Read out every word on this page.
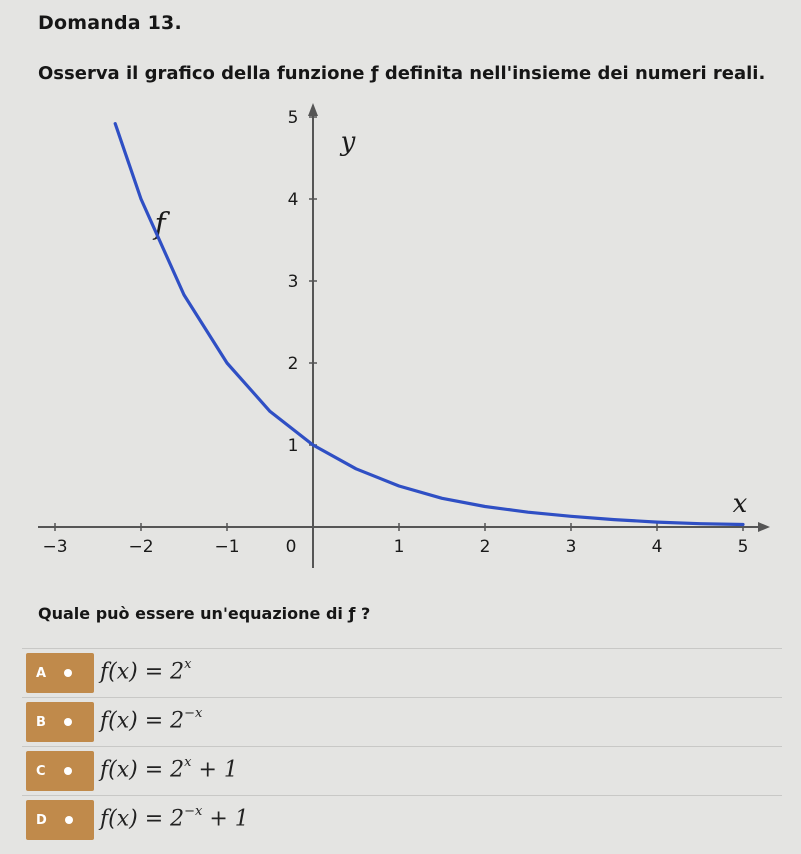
Domanda 13.
Osserva il grafico della funzione ƒ definita nell'insieme dei numeri reali.
−3	−2	−1	0	1	2	3	4	5
1
2
3
4
5
x
y
f
Quale può essere un'equazione di ƒ ?
A $f(x) = 2^x$
B $f(x) = 2^{-x}$
C $f(x) = 2^x + 1$
D $f(x) = 2^{-x} + 1$
